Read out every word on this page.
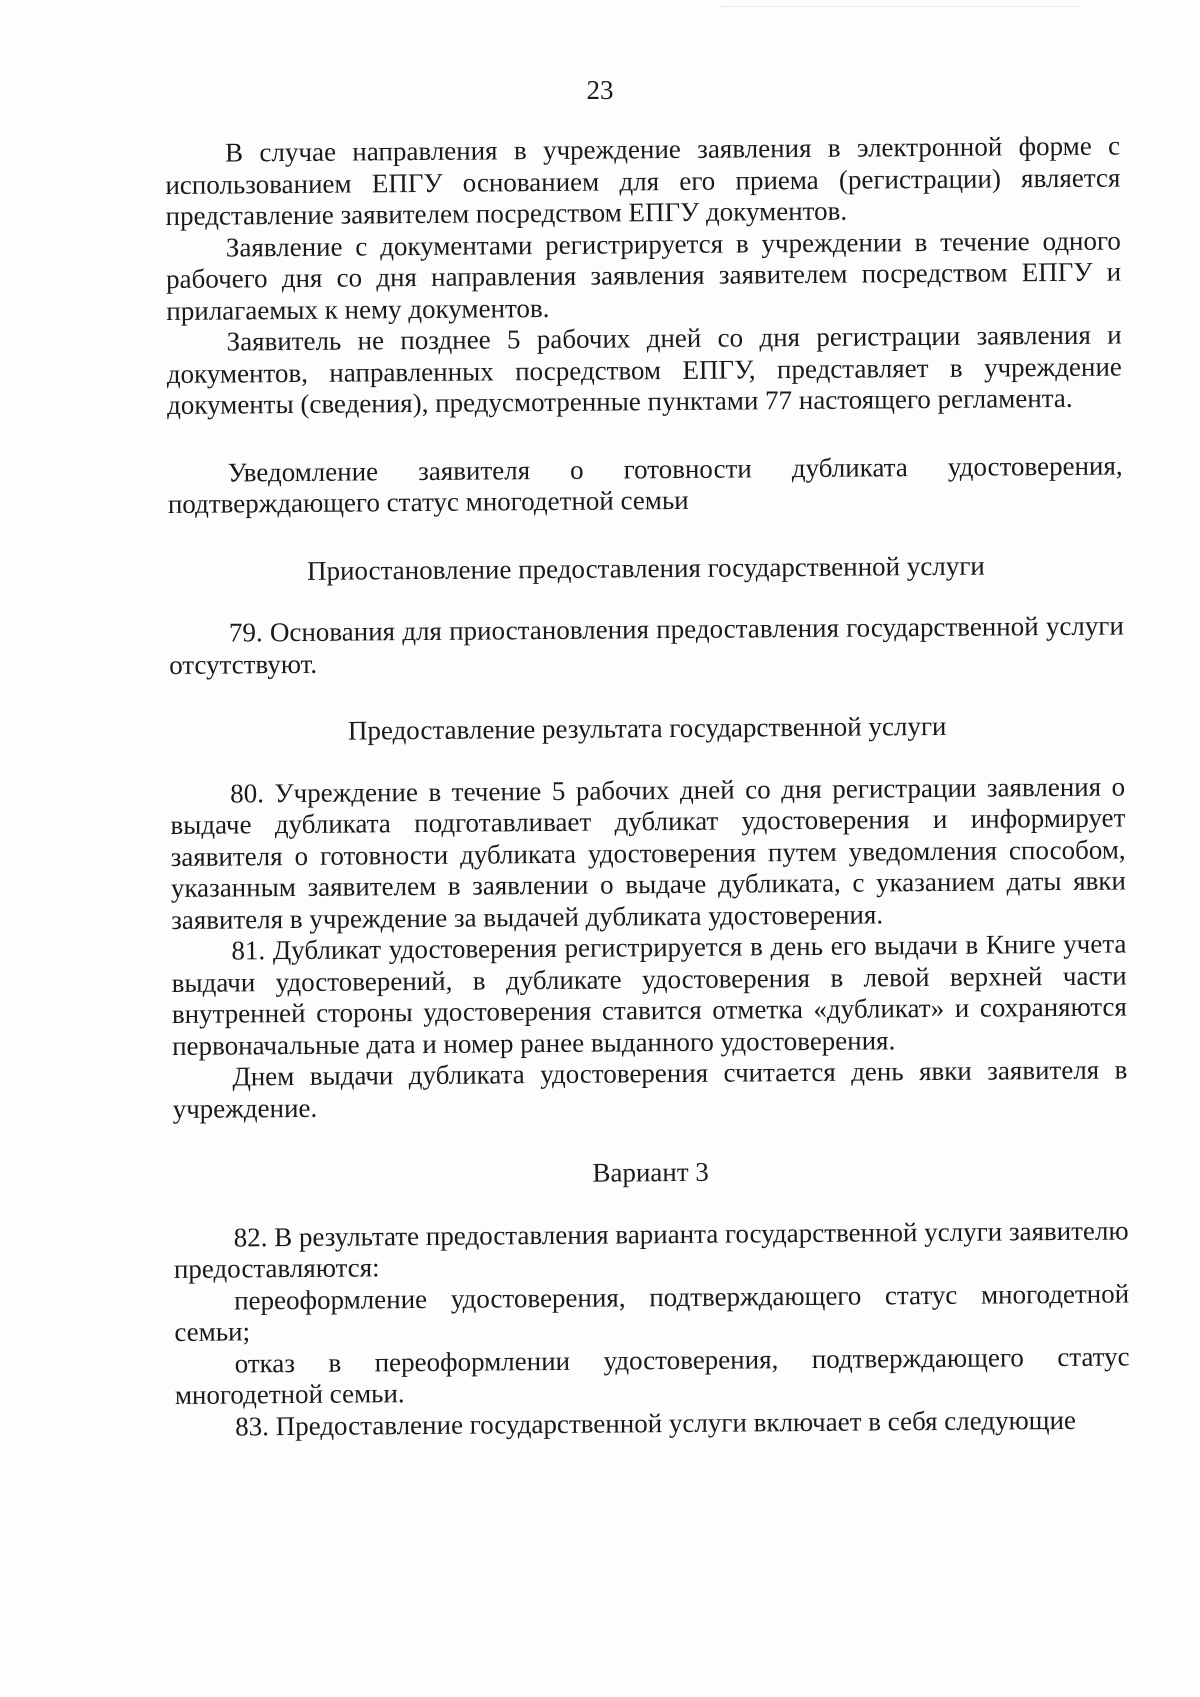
23

В случае направления в учреждение заявления в электронной форме с использованием ЕПГУ основанием для его приема (регистрации) является представление заявителем посредством ЕПГУ документов.

Заявление с документами регистрируется в учреждении в течение одного рабочего дня со дня направления заявления заявителем посредством ЕПГУ и прилагаемых к нему документов.

Заявитель не позднее 5 рабочих дней со дня регистрации заявления и документов, направленных посредством ЕПГУ, представляет в учреждение документы (сведения), предусмотренные пунктами 77 настоящего регламента.

Уведомление заявителя о готовности дубликата удостоверения, подтверждающего статус многодетной семьи

Приостановление предоставления государственной услуги

79. Основания для приостановления предоставления государственной услуги отсутствуют.

Предоставление результата государственной услуги

80. Учреждение в течение 5 рабочих дней со дня регистрации заявления о выдаче дубликата подготавливает дубликат удостоверения и информирует заявителя о готовности дубликата удостоверения путем уведомления способом, указанным заявителем в заявлении о выдаче дубликата, с указанием даты явки заявителя в учреждение за выдачей дубликата удостоверения.

81. Дубликат удостоверения регистрируется в день его выдачи в Книге учета выдачи удостоверений, в дубликате удостоверения в левой верхней части внутренней стороны удостоверения ставится отметка «дубликат» и сохраняются первоначальные дата и номер ранее выданного удостоверения.

Днем выдачи дубликата удостоверения считается день явки заявителя в учреждение.

Вариант 3

82. В результате предоставления варианта государственной услуги заявителю предоставляются:

переоформление удостоверения, подтверждающего статус многодетной семьи;

отказ в переоформлении удостоверения, подтверждающего статус многодетной семьи.

83. Предоставление государственной услуги включает в себя следующие
